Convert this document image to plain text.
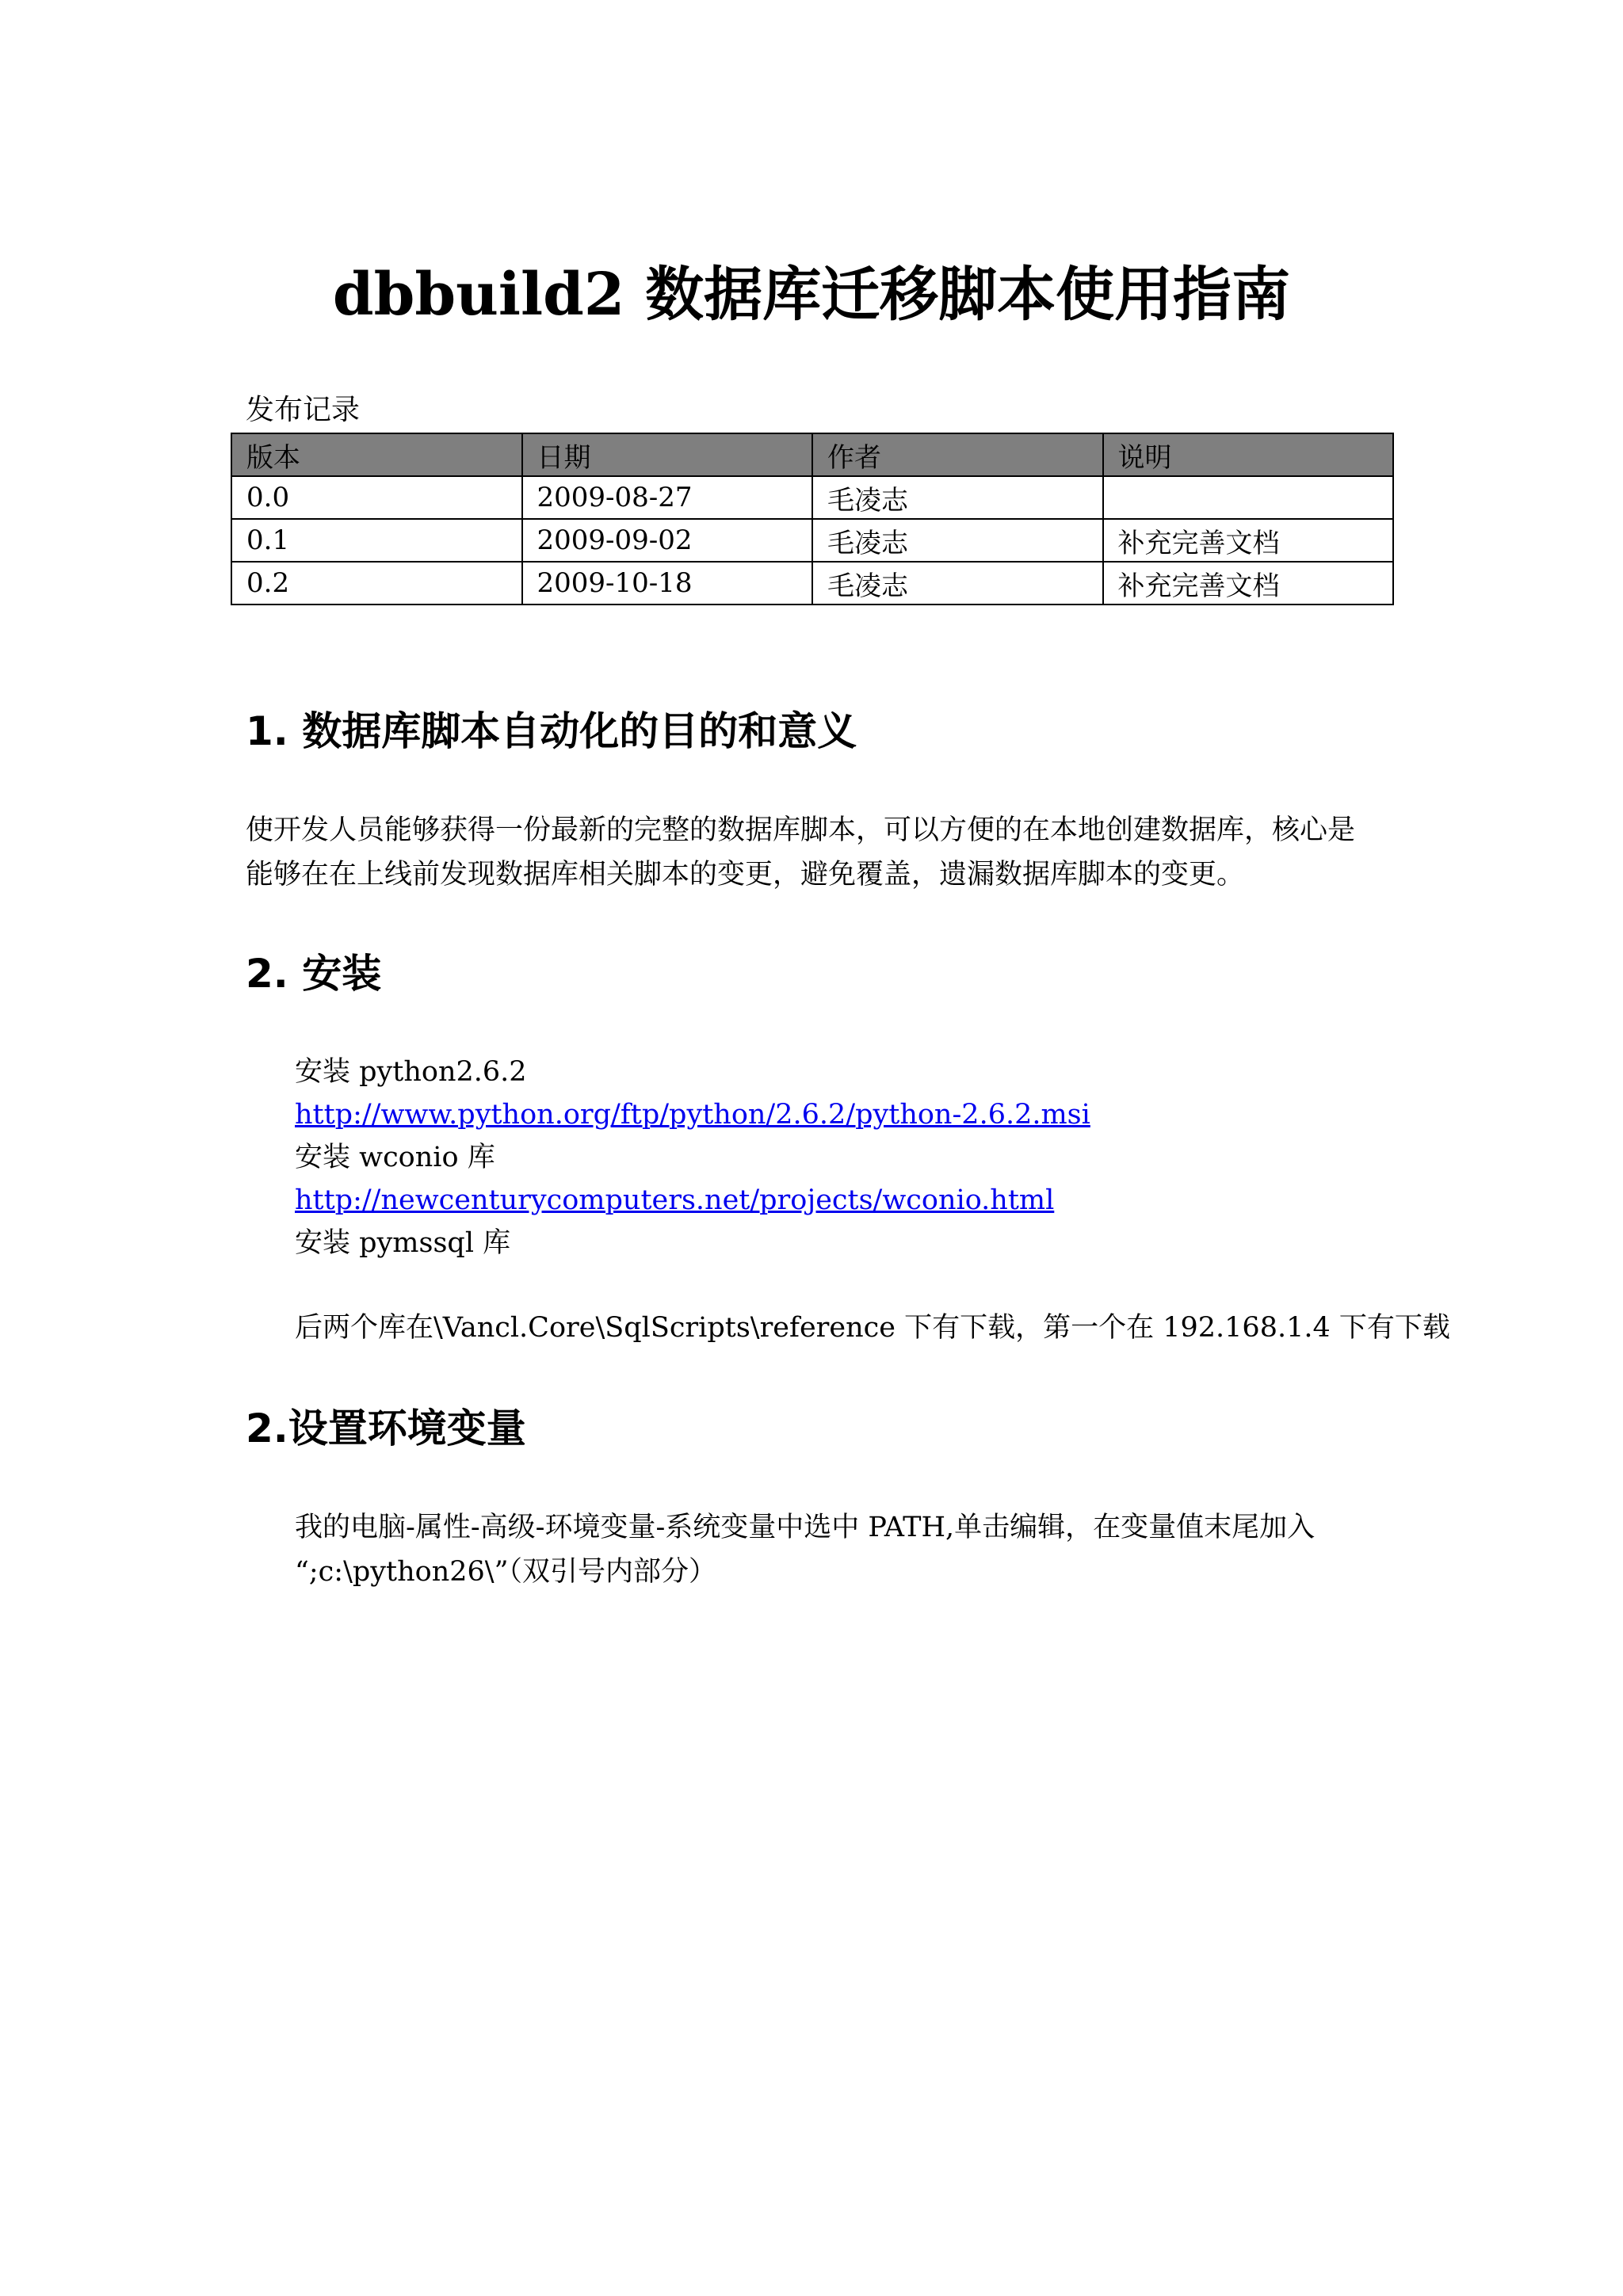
dbbuild2 数据库迁移脚本使用指南

发布记录

版本	日期	作者	说明
0.0	2009-08-27	毛凌志	
0.1	2009-09-02	毛凌志	补充完善文档
0.2	2009-10-18	毛凌志	补充完善文档
1. 数据库脚本自动化的目的和意义

使开发人员能够获得一份最新的完整的数据库脚本，可以方便的在本地创建数据库，核心是
能够在在上线前发现数据库相关脚本的变更，避免覆盖，遗漏数据库脚本的变更。

2. 安装
安装 python2.6.2
http://www.python.org/ftp/python/2.6.2/python-2.6.2.msi
安装 wconio 库
http://newcenturycomputers.net/projects/wconio.html
安装 pymssql 库

后两个库在\Vancl.Core\SqlScripts\reference 下有下载，第一个在 192.168.1.4 下有下载

2.设置环境变量

我的电脑-属性-高级-环境变量-系统变量中选中 PATH,单击编辑，在变量值末尾加入
“;c:\python26\”（双引号内部分）
